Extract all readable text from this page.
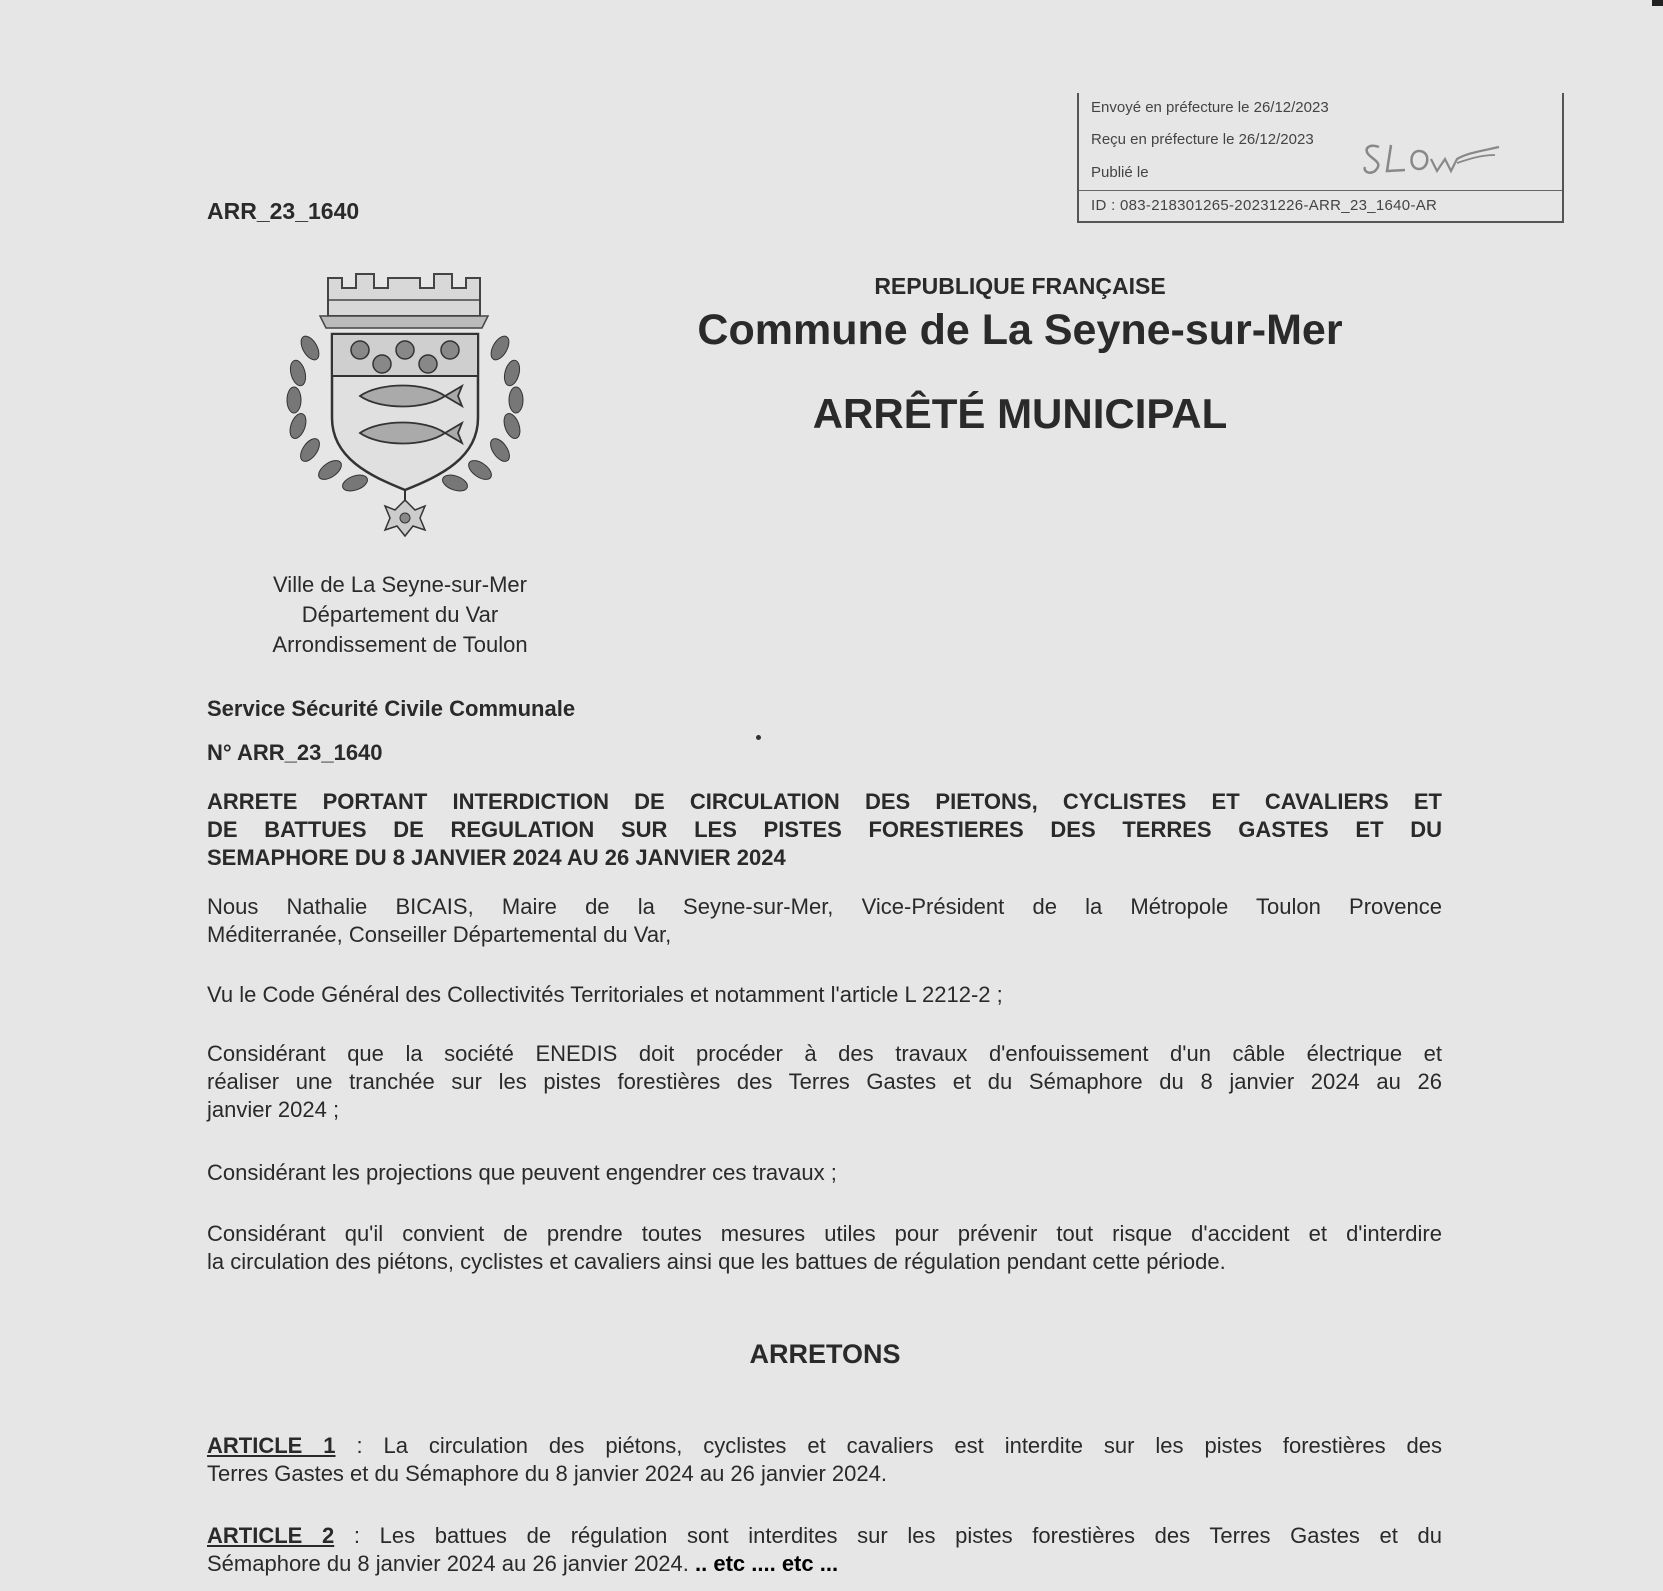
Envoyé en préfecture le 26/12/2023
Reçu en préfecture le 26/12/2023
Publié le
ID : 083-218301265-20231226-ARR_23_1640-AR
ARR_23_1640
REPUBLIQUE FRANÇAISE
Commune de La Seyne-sur-Mer
ARRÊTÉ MUNICIPAL
Ville de La Seyne-sur-Mer
Département du Var
Arrondissement de Toulon
Service Sécurité Civile Communale
N° ARR_23_1640
ARRETE PORTANT INTERDICTION DE CIRCULATION DES PIETONS, CYCLISTES ET CAVALIERS ET
DE BATTUES DE REGULATION SUR LES PISTES FORESTIERES DES TERRES GASTES ET DU
SEMAPHORE DU 8 JANVIER 2024 AU 26 JANVIER 2024
Nous Nathalie BICAIS, Maire de la Seyne-sur-Mer, Vice-Président de la Métropole Toulon Provence
Méditerranée, Conseiller Départemental du Var,
Vu le Code Général des Collectivités Territoriales et notamment l'article L 2212-2 ;
Considérant que la société ENEDIS doit procéder à des travaux d'enfouissement d'un câble électrique et
réaliser une tranchée sur les pistes forestières des Terres Gastes et du Sémaphore du 8 janvier 2024 au 26
janvier 2024 ;
Considérant les projections que peuvent engendrer ces travaux ;
Considérant qu'il convient de prendre toutes mesures utiles pour prévenir tout risque d'accident et d'interdire
la circulation des piétons, cyclistes et cavaliers ainsi que les battues de régulation pendant cette période.
ARRETONS
ARTICLE 1 : La circulation des piétons, cyclistes et cavaliers est interdite sur les pistes forestières des
Terres Gastes et du Sémaphore du 8 janvier 2024 au 26 janvier 2024.
ARTICLE 2 : Les battues de régulation sont interdites sur les pistes forestières des Terres Gastes et du
Sémaphore du 8 janvier 2024 au 26 janvier 2024. .. etc .... etc ...
